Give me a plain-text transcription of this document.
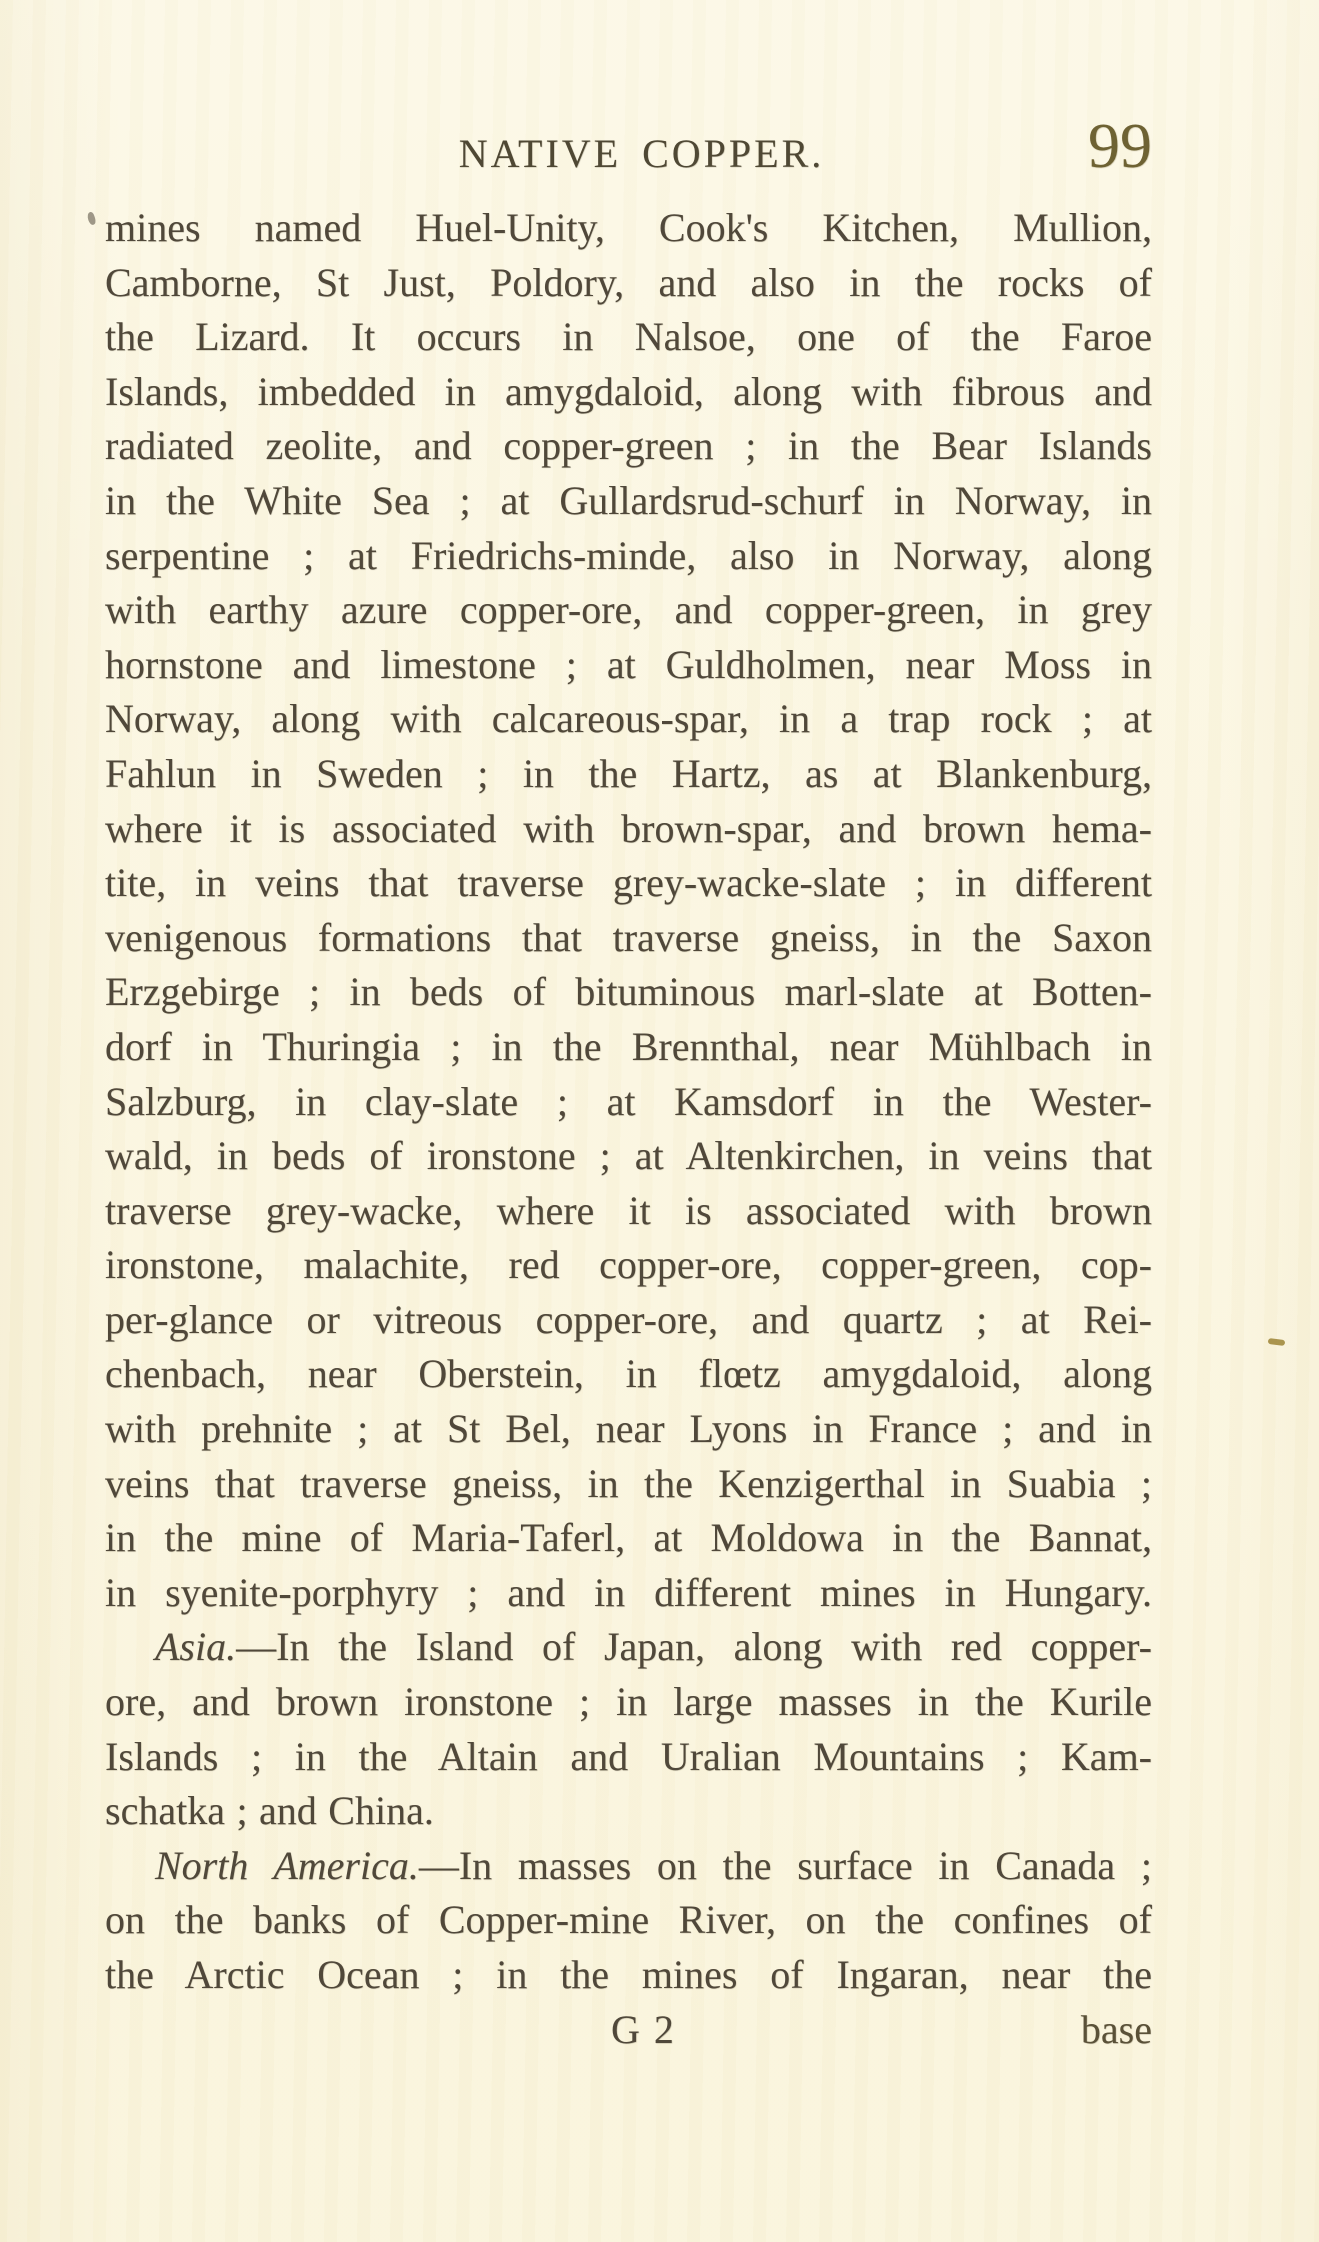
NATIVE COPPER.	99
mines named Huel-Unity, Cook's Kitchen, Mullion,
Camborne, St Just, Poldory, and also in the rocks of
the Lizard. It occurs in Nalsoe, one of the Faroe
Islands, imbedded in amygdaloid, along with fibrous and
radiated zeolite, and copper-green ; in the Bear Islands
in the White Sea ; at Gullardsrud-schurf in Norway, in
serpentine ; at Friedrichs-minde, also in Norway, along
with earthy azure copper-ore, and copper-green, in grey
hornstone and limestone ; at Guldholmen, near Moss in
Norway, along with calcareous-spar, in a trap rock ; at
Fahlun in Sweden ; in the Hartz, as at Blankenburg,
where it is associated with brown-spar, and brown hema-
tite, in veins that traverse grey-wacke-slate ; in different
venigenous formations that traverse gneiss, in the Saxon
Erzgebirge ; in beds of bituminous marl-slate at Botten-
dorf in Thuringia ; in the Brennthal, near Mühlbach in
Salzburg, in clay-slate ; at Kamsdorf in the Wester-
wald, in beds of ironstone ; at Altenkirchen, in veins that
traverse grey-wacke, where it is associated with brown
ironstone, malachite, red copper-ore, copper-green, cop-
per-glance or vitreous copper-ore, and quartz ; at Rei-
chenbach, near Oberstein, in flœtz amygdaloid, along
with prehnite ; at St Bel, near Lyons in France ; and in
veins that traverse gneiss, in the Kenzigerthal in Suabia ;
in the mine of Maria-Taferl, at Moldowa in the Bannat,
in syenite-porphyry ; and in different mines in Hungary.
Asia.—In the Island of Japan, along with red copper-
ore, and brown ironstone ; in large masses in the Kurile
Islands ; in the Altain and Uralian Mountains ; Kam-
schatka ; and China.
North America.—In masses on the surface in Canada ;
on the banks of Copper-mine River, on the confines of
the Arctic Ocean ; in the mines of Ingaran, near the
G 2	base
